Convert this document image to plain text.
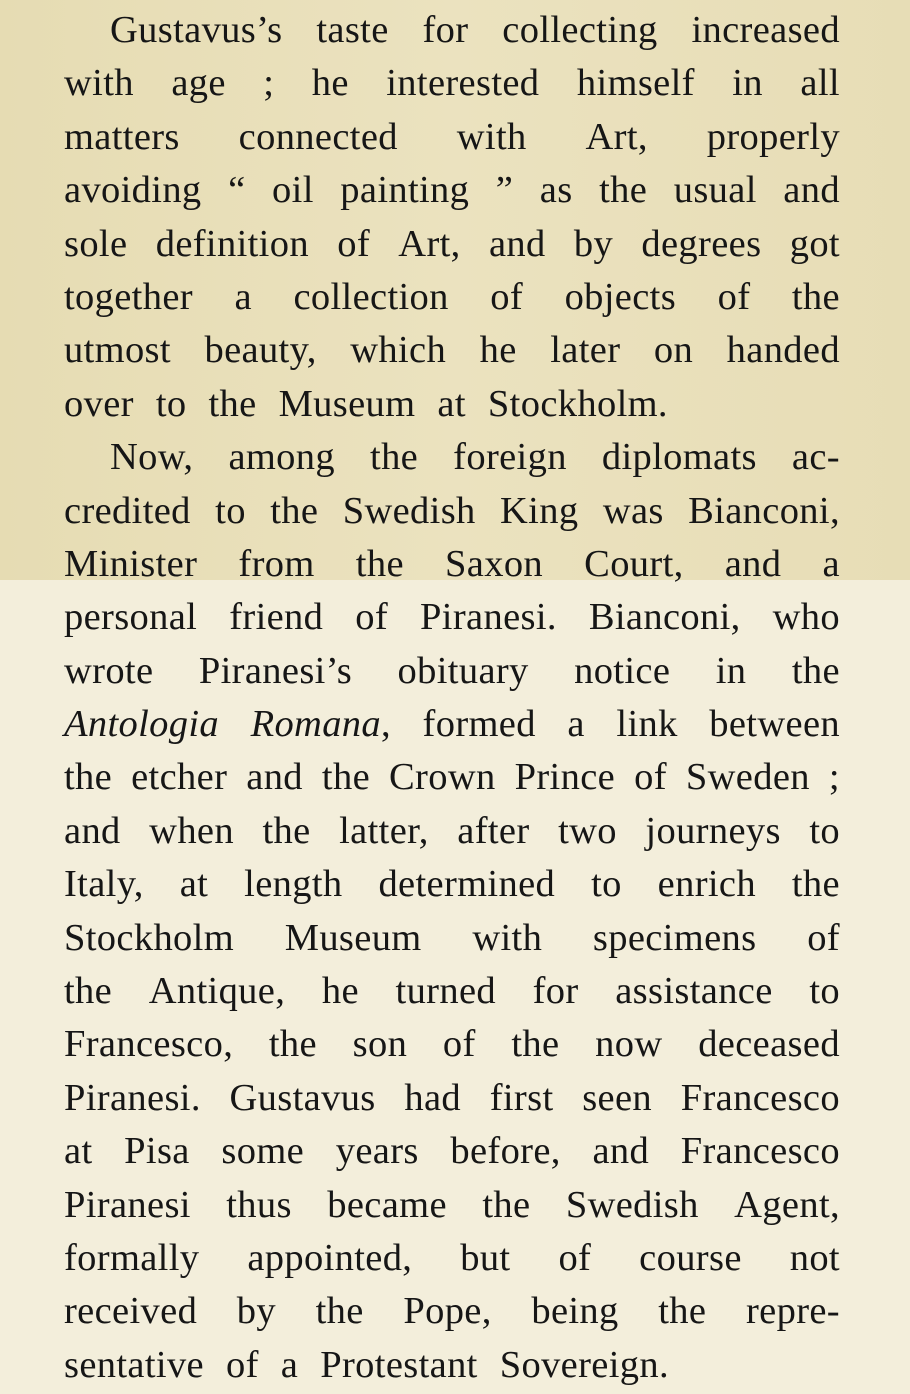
Gustavus’s taste for collecting increased
with age ; he interested himself in all
matters connected with Art, properly
avoiding “ oil painting ” as the usual and
sole definition of Art, and by degrees got
together a collection of objects of the
utmost beauty, which he later on handed
over to the Museum at Stockholm.
Now, among the foreign diplomats ac-
credited to the Swedish King was Bianconi,
Minister from the Saxon Court, and a
personal friend of Piranesi. Bianconi, who
wrote Piranesi’s obituary notice in the
Antologia Romana, formed a link between
the etcher and the Crown Prince of Sweden ;
and when the latter, after two journeys to
Italy, at length determined to enrich the
Stockholm Museum with specimens of
the Antique, he turned for assistance to
Francesco, the son of the now deceased
Piranesi. Gustavus had first seen Francesco
at Pisa some years before, and Francesco
Piranesi thus became the Swedish Agent,
formally appointed, but of course not
received by the Pope, being the repre-
sentative of a Protestant Sovereign.
